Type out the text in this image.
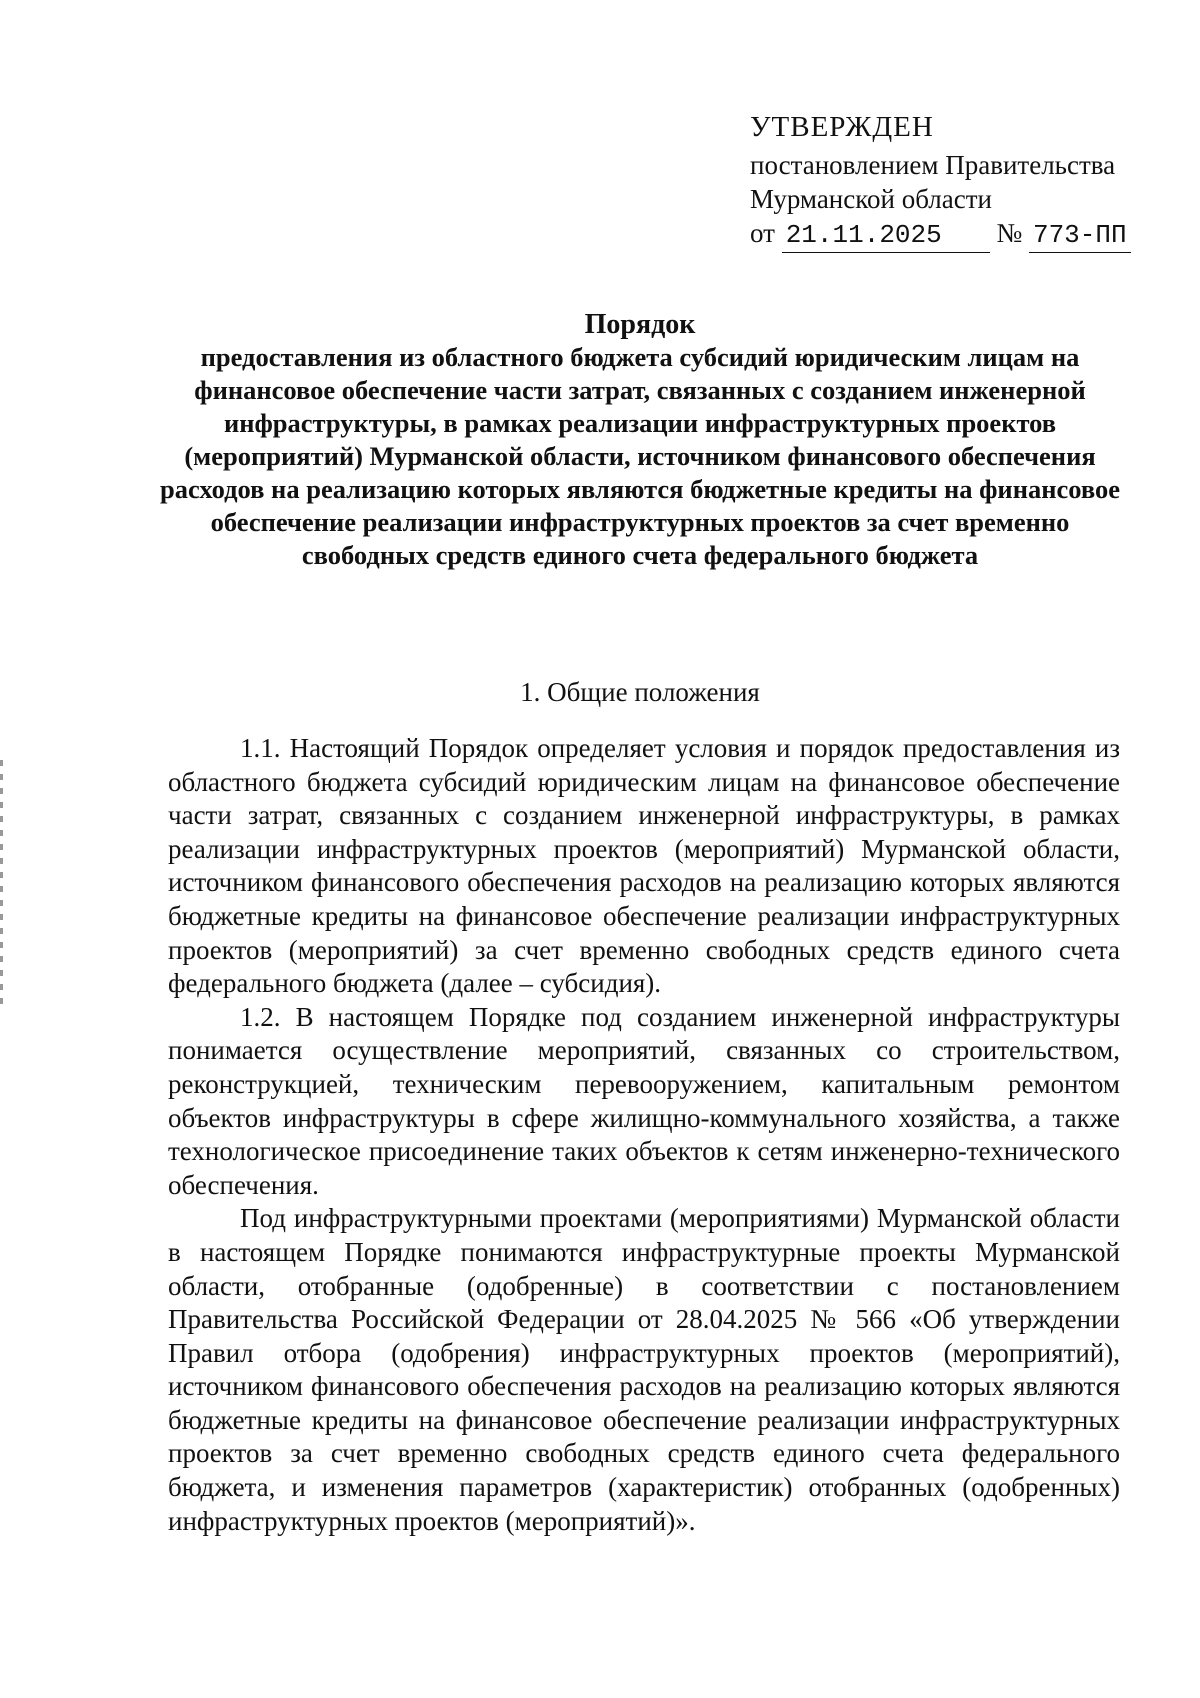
УТВЕРЖДЕН
постановлением Правительства
Мурманской области
от 21.11.2025 № 773-ПП
Порядок
предоставления из областного бюджета субсидий юридическим лицам на финансовое обеспечение части затрат, связанных с созданием инженерной инфраструктуры, в рамках реализации инфраструктурных проектов (мероприятий) Мурманской области, источником финансового обеспечения расходов на реализацию которых являются бюджетные кредиты на финансовое обеспечение реализации инфраструктурных проектов за счет временно свободных средств единого счета федерального бюджета
1. Общие положения

1.1. Настоящий Порядок определяет условия и порядок предоставления из областного бюджета субсидий юридическим лицам на финансовое обеспечение части затрат, связанных с созданием инженерной инфраструктуры, в рамках реализации инфраструктурных проектов (мероприятий) Мурманской области, источником финансового обеспечения расходов на реализацию которых являются бюджетные кредиты на финансовое обеспечение реализации инфраструктурных проектов (мероприятий) за счет временно свободных средств единого счета федерального бюджета (далее – субсидия).

1.2. В настоящем Порядке под созданием инженерной инфраструктуры понимается осуществление мероприятий, связанных со строительством, реконструкцией, техническим перевооружением, капитальным ремонтом объектов инфраструктуры в сфере жилищно-коммунального хозяйства, а также технологическое присоединение таких объектов к сетям инженерно-технического обеспечения.

Под инфраструктурными проектами (мероприятиями) Мурманской области в настоящем Порядке понимаются инфраструктурные проекты Мурманской области, отобранные (одобренные) в соответствии с постановлением Правительства Российской Федерации от 28.04.2025 № 566 «Об утверждении Правил отбора (одобрения) инфраструктурных проектов (мероприятий), источником финансового обеспечения расходов на реализацию которых являются бюджетные кредиты на финансовое обеспечение реализации инфраструктурных проектов за счет временно свободных средств единого счета федерального бюджета, и изменения параметров (характеристик) отобранных (одобренных) инфраструктурных проектов (мероприятий)».
